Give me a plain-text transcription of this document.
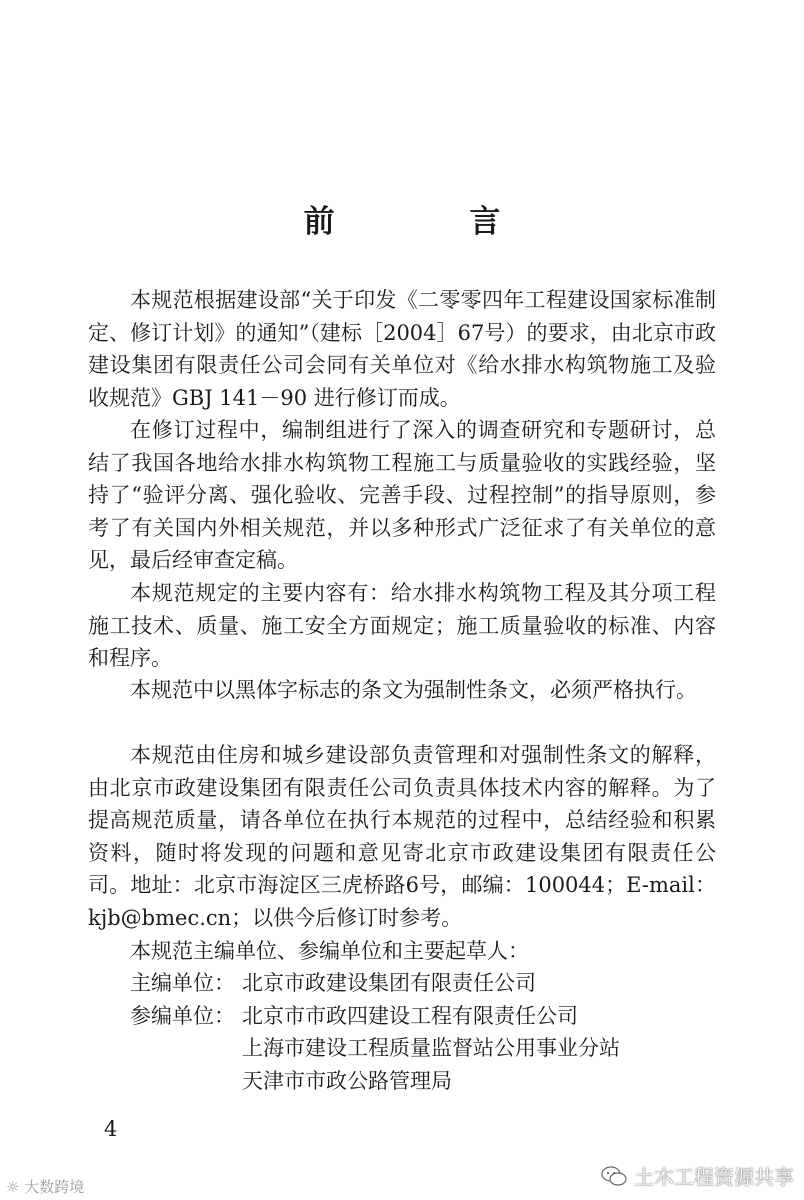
前 言

本规范根据建设部“关于印发《二零零四年工程建设国家标准制定、修订计划》的通知”（建标［2004］67号）的要求，由北京市政建设集团有限责任公司会同有关单位对《给水排水构筑物施工及验收规范》GBJ 141－90 进行修订而成。

在修订过程中，编制组进行了深入的调查研究和专题研讨，总结了我国各地给水排水构筑物工程施工与质量验收的实践经验，坚持了“验评分离、强化验收、完善手段、过程控制”的指导原则，参考了有关国内外相关规范，并以多种形式广泛征求了有关单位的意见，最后经审查定稿。

本规范规定的主要内容有：给水排水构筑物工程及其分项工程施工技术、质量、施工安全方面规定；施工质量验收的标准、内容和程序。

本规范中以黑体字标志的条文为强制性条文，必须严格执行。

本规范由住房和城乡建设部负责管理和对强制性条文的解释，由北京市政建设集团有限责任公司负责具体技术内容的解释。为了提高规范质量，请各单位在执行本规范的过程中，总结经验和积累资料，随时将发现的问题和意见寄北京市政建设集团有限责任公司。地址：北京市海淀区三虎桥路6号，邮编：100044；E-mail：kjb@bmec.cn；以供今后修订时参考。

本规范主编单位、参编单位和主要起草人：

主编单位： 北京市政建设集团有限责任公司
参编单位： 北京市市政四建设工程有限责任公司
上海市建设工程质量监督站公用事业分站
天津市市政公路管理局
4
☼ 大数跨境	土木工程资源共享
